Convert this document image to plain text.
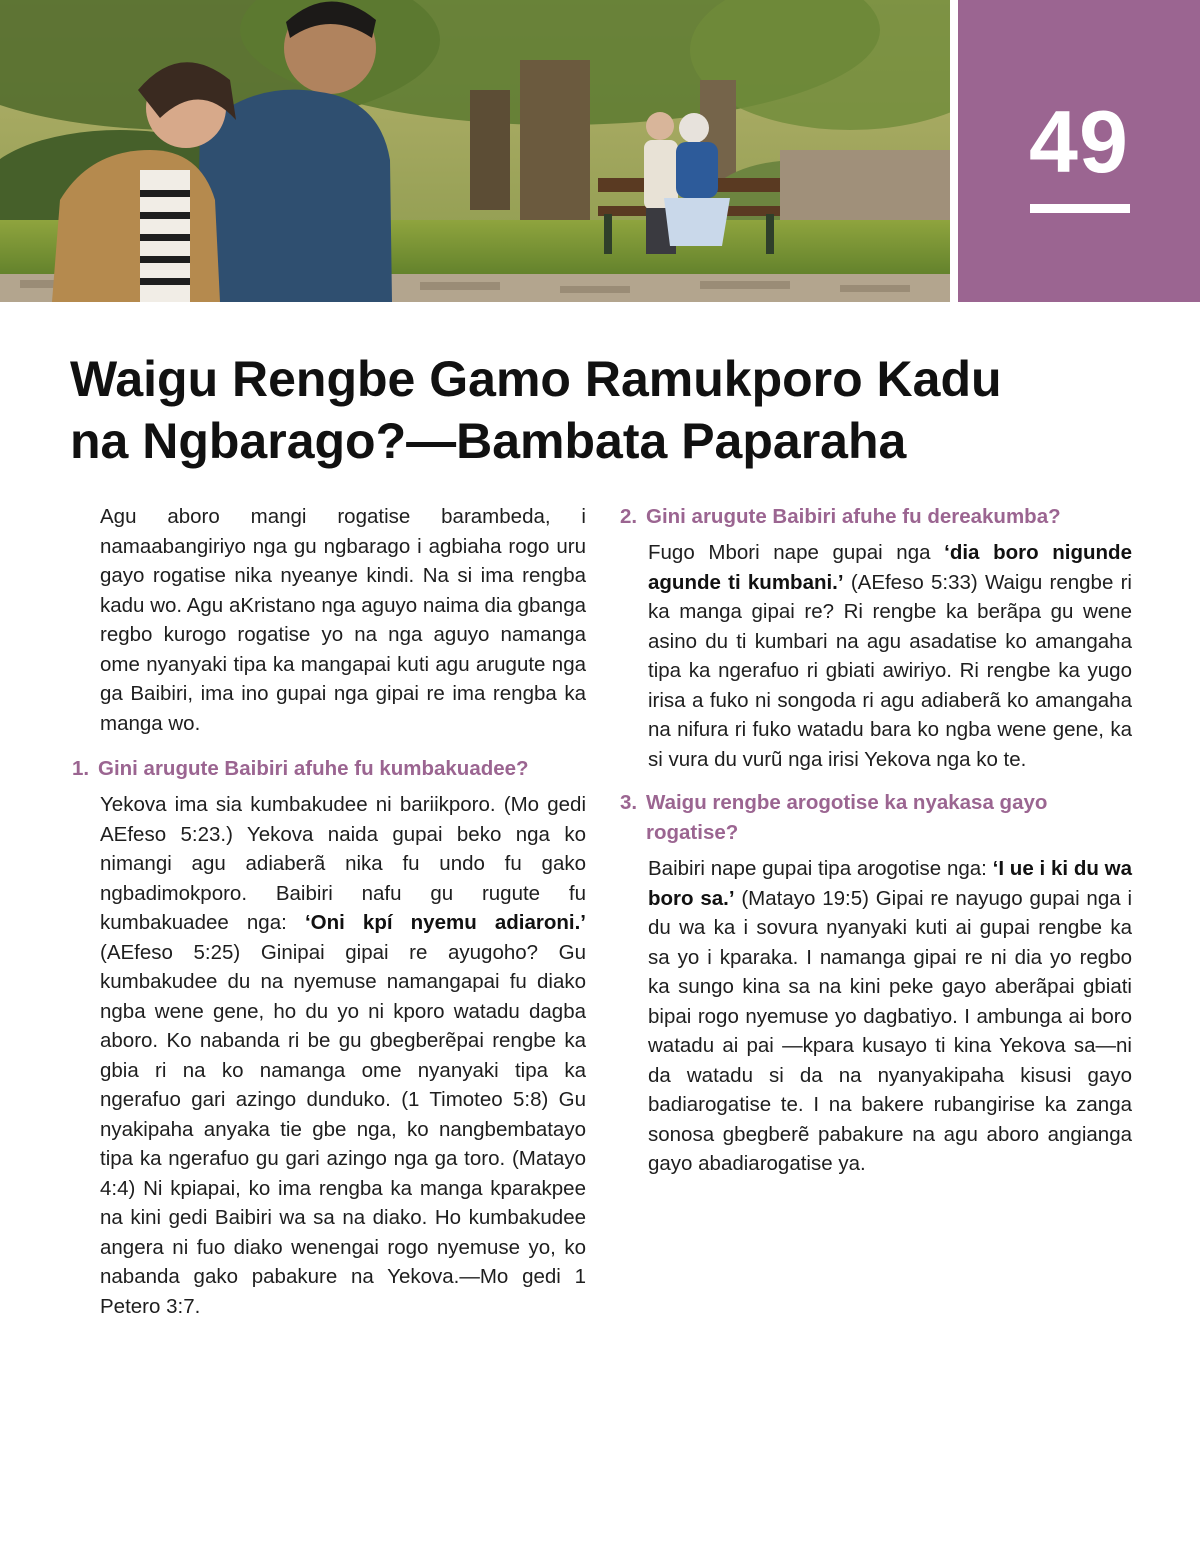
49
Waigu Rengbe Gamo Ramukporo Kadu
na Ngbarago?—Bambata Paparaha

Agu aboro mangi rogatise barambeda, i namaabangiriyo nga gu ngbarago i agbiaha rogo uru gayo rogatise nika nyeanye kindi. Na si ima rengba kadu wo. Agu aKristano nga aguyo naima dia gbanga regbo kurogo rogatise yo na nga aguyo namanga ome nyanyaki tipa ka mangapai kuti agu arugute nga ga Baibiri, ima ino gupai nga gipai re ima rengba ka manga wo.

1. Gini arugute Baibiri afuhe fu kumbakuadee?

Yekova ima sia kumbakudee ni bariikporo. (Mo gedi AEfeso 5:23.) Yekova naida gupai beko nga ko nimangi agu adiaberã nika fu undo fu gako ngbadimokporo. Baibiri nafu gu rugute fu kumbakuadee nga: ‘Oni kpí nyemu adiaroni.’ (AEfeso 5:25) Ginipai gipai re ayugoho? Gu kumbakudee du na nyemuse namangapai fu diako ngba wene gene, ho du yo ni kporo watadu dagba aboro. Ko nabanda ri be gu gbegberẽpai rengbe ka gbia ri na ko namanga ome nyanyaki tipa ka ngerafuo gari azingo dunduko. (1 Timoteo 5:8) Gu nyakipaha anyaka tie gbe nga, ko nangbembatayo tipa ka ngerafuo gu gari azingo nga ga toro. (Matayo 4:4) Ni kpiapai, ko ima rengba ka manga kparakpee na kini gedi Baibiri wa sa na diako. Ho kumbakudee angera ni fuo diako wenengai rogo nyemuse yo, ko nabanda gako pabakure na Yekova.—Mo gedi 1 Petero 3:7.

2. Gini arugute Baibiri afuhe fu dereakumba?

Fugo Mbori nape gupai nga ‘dia boro nigunde agunde ti kumbani.’ (AEfeso 5:33) Waigu rengbe ri ka manga gipai re? Ri rengbe ka berãpa gu wene asino du ti kumbari na agu asadatise ko amangaha tipa ka ngerafuo ri gbiati awiriyo. Ri rengbe ka yugo irisa a fuko ni songoda ri agu adiaberã ko amangaha na nifura ri fuko watadu bara ko ngba wene gene, ka si vura du vurũ nga irisi Yekova nga ko te.

3. Waigu rengbe arogotise ka nyakasa gayo rogatise?

Baibiri nape gupai tipa arogotise nga: ‘I ue i ki du wa boro sa.’ (Matayo 19:5) Gipai re nayugo gupai nga i du wa ka i sovura nyanyaki kuti ai gupai rengbe ka sa yo i kparaka. I namanga gipai re ni dia yo regbo ka sungo kina sa na kini peke gayo aberãpai gbiati bipai rogo nyemuse yo dagbatiyo. I ambunga ai boro watadu ai pai —kpara kusayo ti kina Yekova sa—ni da watadu si da na nyanyakipaha kisusi gayo badiarogatise te. I na bakere rubangirise ka zanga sonosa gbegberẽ pabakure na agu aboro angianga gayo abadiarogatise ya.
